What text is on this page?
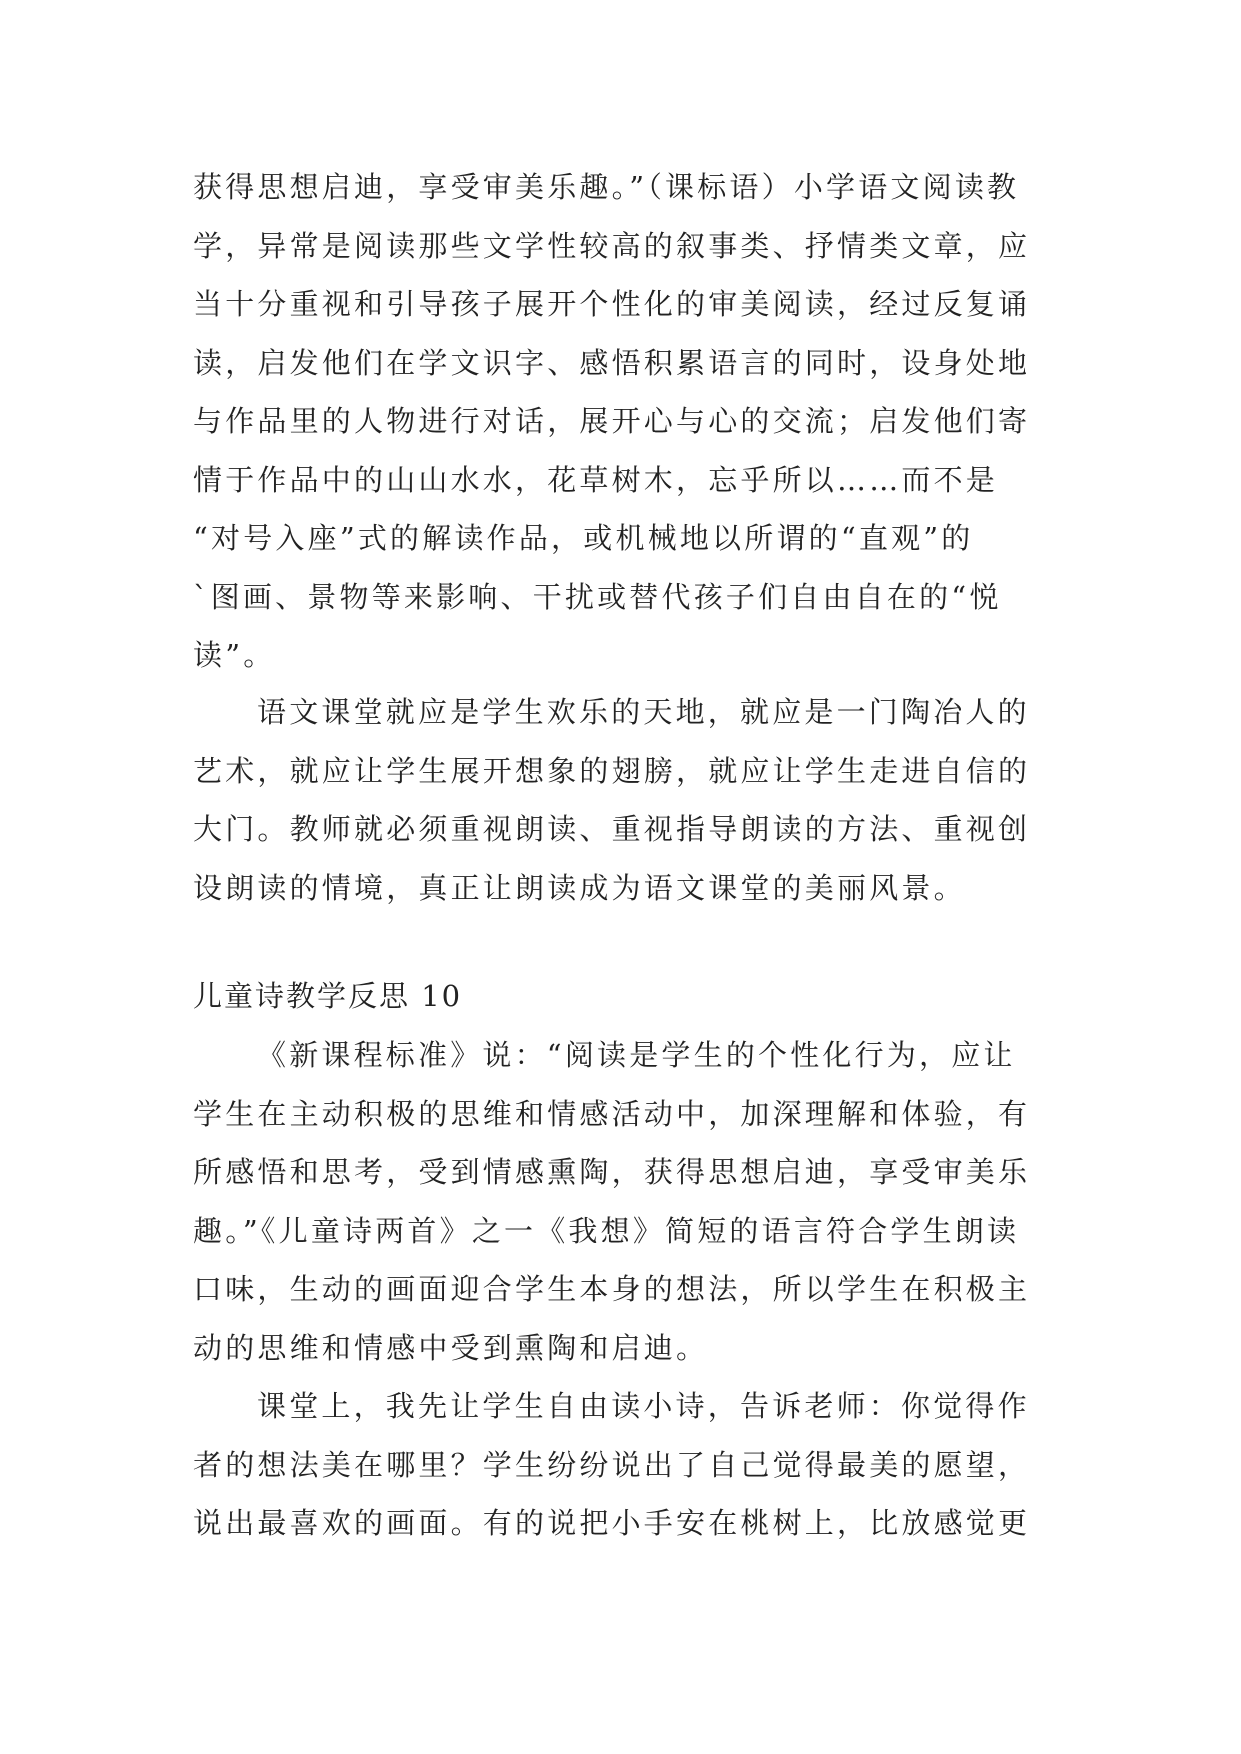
获得思想启迪，享受审美乐趣。”（课标语）小学语文阅读教
学，异常是阅读那些文学性较高的叙事类、抒情类文章，应
当十分重视和引导孩子展开个性化的审美阅读，经过反复诵
读，启发他们在学文识字、感悟积累语言的同时，设身处地
与作品里的人物进行对话，展开心与心的交流；启发他们寄
情于作品中的山山水水，花草树木，忘乎所以……而不是
“对号入座”式的解读作品，或机械地以所谓的“直观”的
`图画、景物等来影响、干扰或替代孩子们自由自在的“悦
读”。
语文课堂就应是学生欢乐的天地，就应是一门陶冶人的
艺术，就应让学生展开想象的翅膀，就应让学生走进自信的
大门。教师就必须重视朗读、重视指导朗读的方法、重视创
设朗读的情境，真正让朗读成为语文课堂的美丽风景。
儿童诗教学反思 10
《新课程标准》说：“阅读是学生的个性化行为，应让
学生在主动积极的思维和情感活动中，加深理解和体验，有
所感悟和思考，受到情感熏陶，获得思想启迪，享受审美乐
趣。”《儿童诗两首》之一《我想》简短的语言符合学生朗读
口味，生动的画面迎合学生本身的想法，所以学生在积极主
动的思维和情感中受到熏陶和启迪。
课堂上，我先让学生自由读小诗，告诉老师：你觉得作
者的想法美在哪里？学生纷纷说出了自己觉得最美的愿望，
说出最喜欢的画面。有的说把小手安在桃树上，比放感觉更
